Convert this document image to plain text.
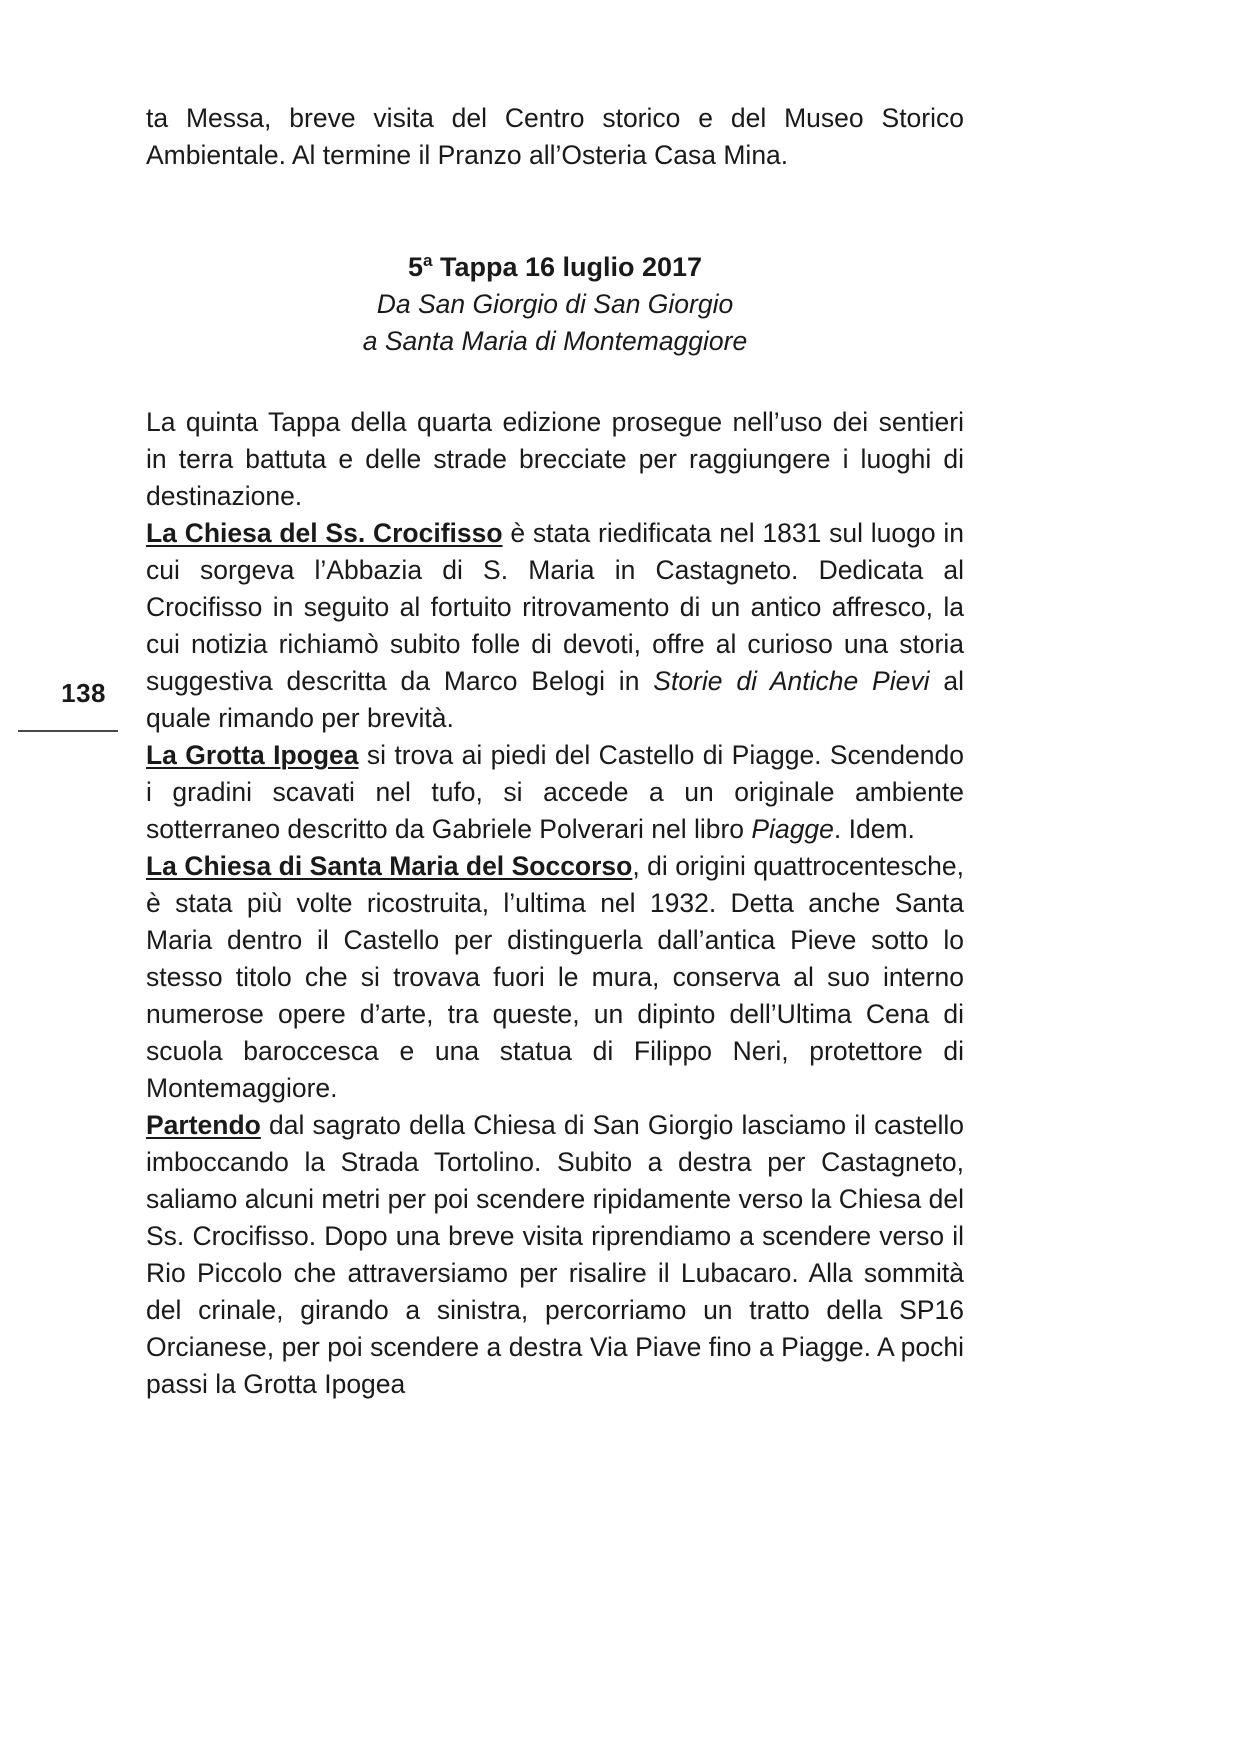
138

ta Messa, breve visita del Centro storico e del Museo Storico Ambientale. Al termine il Pranzo all’Osteria Casa Mina.

5$^a$ Tappa 16 luglio 2017

Da San Giorgio di San Giorgio

a Santa Maria di Montemaggiore

La quinta Tappa della quarta edizione prosegue nell’uso dei sentieri in terra battuta e delle strade brecciate per raggiungere i luoghi di destinazione.

La Chiesa del Ss. Crocifisso è stata riedificata nel 1831 sul luogo in cui sorgeva l’Abbazia di S. Maria in Castagneto. Dedicata al Crocifisso in seguito al fortuito ritrovamento di un antico affresco, la cui notizia richiamò subito folle di devoti, offre al curioso una storia suggestiva descritta da Marco Belogi in Storie di Antiche Pievi al quale rimando per brevità.

La Grotta Ipogea si trova ai piedi del Castello di Piagge. Scendendo i gradini scavati nel tufo, si accede a un originale ambiente sotterraneo descritto da Gabriele Polverari nel libro Piagge. Idem.

La Chiesa di Santa Maria del Soccorso, di origini quattrocentesche, è stata più volte ricostruita, l’ultima nel 1932. Detta anche Santa Maria dentro il Castello per distinguerla dall’antica Pieve sotto lo stesso titolo che si trovava fuori le mura, conserva al suo interno numerose opere d’arte, tra queste, un dipinto dell’Ultima Cena di scuola baroccesca e una statua di Filippo Neri, protettore di Montemaggiore.

Partendo dal sagrato della Chiesa di San Giorgio lasciamo il castello imboccando la Strada Tortolino. Subito a destra per Castagneto, saliamo alcuni metri per poi scendere ripidamente verso la Chiesa del Ss. Crocifisso. Dopo una breve visita riprendiamo a scendere verso il Rio Piccolo che attraversiamo per risalire il Lubacaro. Alla sommità del crinale, girando a sinistra, percorriamo un tratto della SP16 Orcianese, per poi scendere a destra Via Piave fino a Piagge. A pochi passi la Grotta Ipogea
